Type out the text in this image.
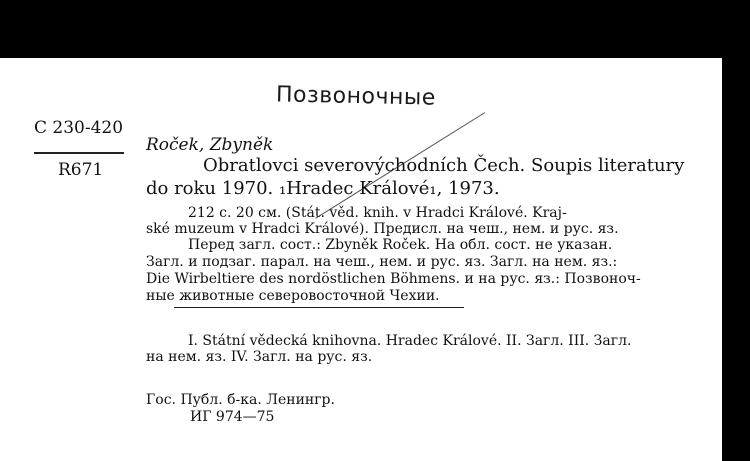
Позвоночные
С 230-420
R671
Roček, Zbyněk
Obratlovci severovýchodních Čech. Soupis literatury
do roku 1970. ₁Hradec Králové₁, 1973.
212 с. 20 см. (Stát. věd. knih. v Hradci Králové. Kraj-
ské muzeum v Hradci Králové). Предисл. на чеш., нем. и рус. яз.
Перед загл. сост.: Zbyněk Roček. На обл. сост. не указан.
Загл. и подзаг. парал. на чеш., нем. и рус. яз. Загл. на нем. яз.:
Die Wirbeltiere des nordöstlichen Böhmens. и на рус. яз.: Позвоноч-
ные животные северовосточной Чехии.
I. Státní vědecká knihovna. Hradec Králové. II. Загл. III. Загл.
на нем. яз. IV. Загл. на рус. яз.
Гос. Публ. б-ка. Ленингр.
ИГ 974—75
